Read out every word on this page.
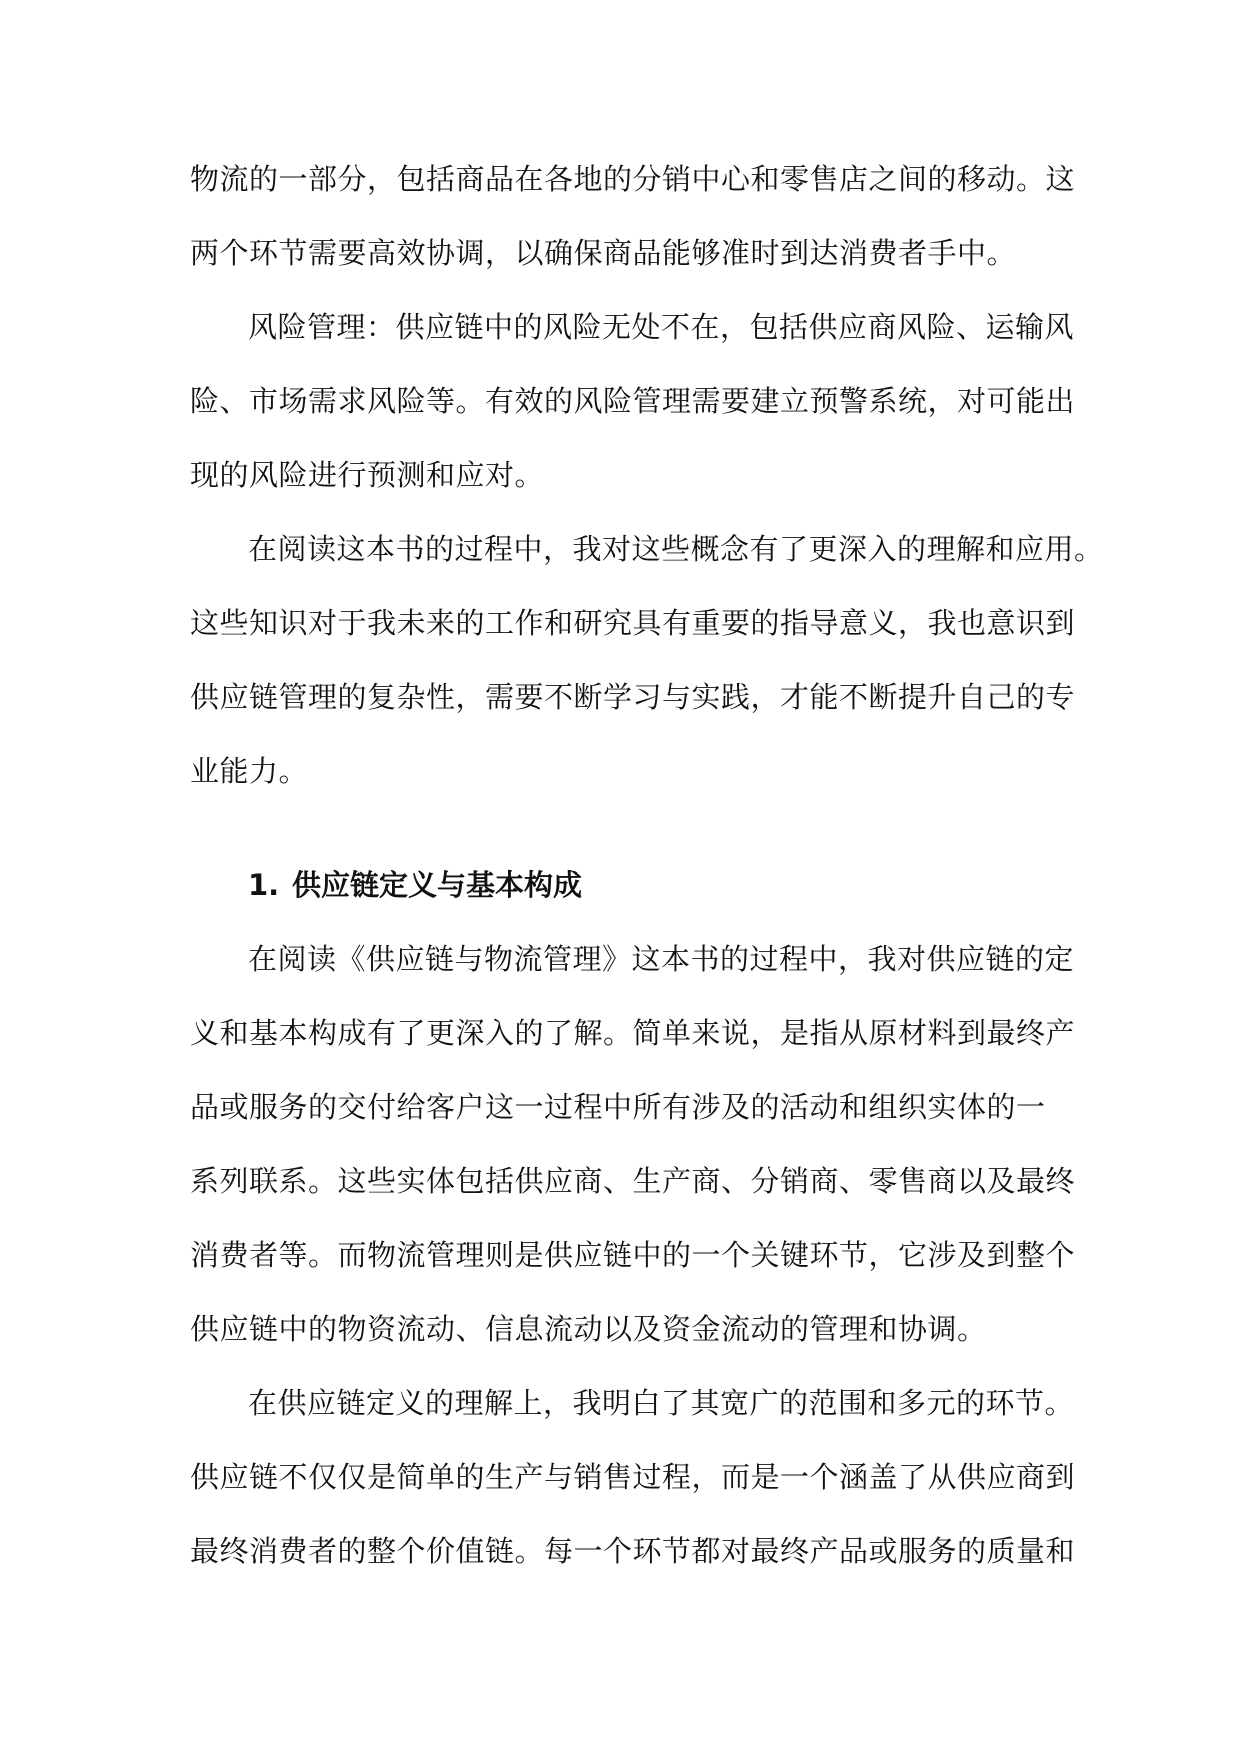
物流的一部分，包括商品在各地的分销中心和零售店之间的移动。这
两个环节需要高效协调，以确保商品能够准时到达消费者手中。
风险管理：供应链中的风险无处不在，包括供应商风险、运输风
险、市场需求风险等。有效的风险管理需要建立预警系统，对可能出
现的风险进行预测和应对。
在阅读这本书的过程中，我对这些概念有了更深入的理解和应用。
这些知识对于我未来的工作和研究具有重要的指导意义，我也意识到
供应链管理的复杂性，需要不断学习与实践，才能不断提升自己的专
业能力。
1. 供应链定义与基本构成
在阅读《供应链与物流管理》这本书的过程中，我对供应链的定
义和基本构成有了更深入的了解。简单来说，是指从原材料到最终产
品或服务的交付给客户这一过程中所有涉及的活动和组织实体的一
系列联系。这些实体包括供应商、生产商、分销商、零售商以及最终
消费者等。而物流管理则是供应链中的一个关键环节，它涉及到整个
供应链中的物资流动、信息流动以及资金流动的管理和协调。
在供应链定义的理解上，我明白了其宽广的范围和多元的环节。
供应链不仅仅是简单的生产与销售过程，而是一个涵盖了从供应商到
最终消费者的整个价值链。每一个环节都对最终产品或服务的质量和
